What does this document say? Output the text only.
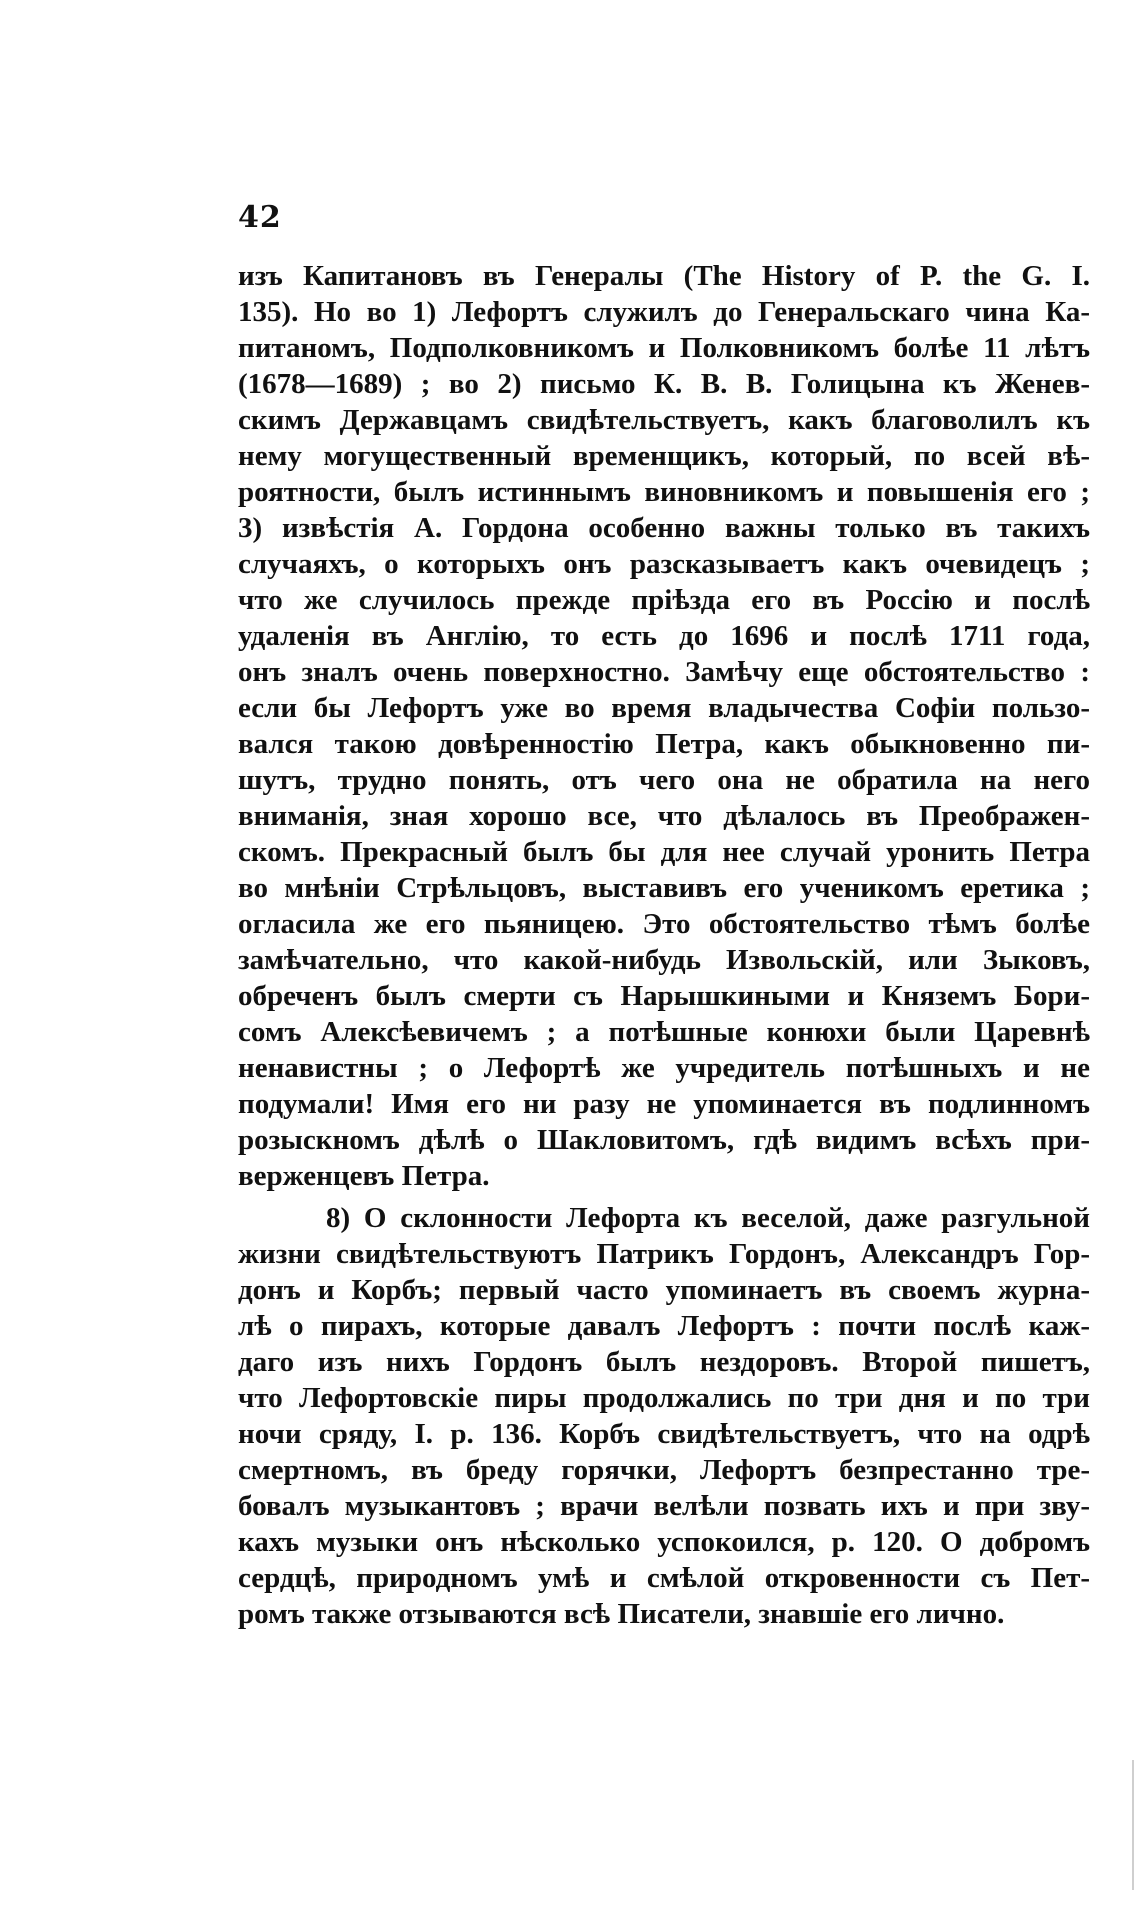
42
изъ Капитановъ въ Генералы (The History of P. the G. I.
135). Но во 1) Лефортъ служилъ до Генеральскаго чина Ка-
питаномъ, Подполковникомъ и Полковникомъ болѣе 11 лѣтъ
(1678—1689) ; во 2) письмо К. В. В. Голицына къ Женев-
скимъ Державцамъ свидѣтельствуетъ, какъ благоволилъ къ
нему могущественный временщикъ, который, по всей вѣ-
роятности, былъ истиннымъ виновникомъ и повышенія его ;
3) извѣстія А. Гордона особенно важны только въ такихъ
случаяхъ, о которыхъ онъ разсказываетъ какъ очевидецъ ;
что же случилось прежде пріѣзда его въ Россію и послѣ
удаленія въ Англію, то есть до 1696 и послѣ 1711 года,
онъ зналъ очень поверхностно. Замѣчу еще обстоятельство :
если бы Лефортъ уже во время владычества Софіи пользо-
вался такою довѣренностію Петра, какъ обыкновенно пи-
шутъ, трудно понять, отъ чего она не обратила на него
вниманія, зная хорошо все, что дѣлалось въ Преображен-
скомъ. Прекрасный былъ бы для нее случай уронить Петра
во мнѣніи Стрѣльцовъ, выставивъ его ученикомъ еретика ;
огласила же его пьяницею. Это обстоятельство тѣмъ болѣе
замѣчательно, что какой-нибудь Извольскій, или Зыковъ,
обреченъ былъ смерти съ Нарышкиными и Княземъ Бори-
сомъ Алексѣевичемъ ; а потѣшные конюхи были Царевнѣ
ненавистны ; о Лефортѣ же учредитель потѣшныхъ и не
подумали! Имя его ни разу не упоминается въ подлинномъ
розыскномъ дѣлѣ о Шакловитомъ, гдѣ видимъ всѣхъ при-
верженцевъ Петра.
8) О склонности Лефорта къ веселой, даже разгульной
жизни свидѣтельствуютъ Патрикъ Гордонъ, Александръ Гор-
донъ и Корбъ; первый часто упоминаетъ въ своемъ журна-
лѣ о пирахъ, которые давалъ Лефортъ : почти послѣ каж-
даго изъ нихъ Гордонъ былъ нездоровъ. Второй пишетъ,
что Лефортовскіе пиры продолжались по три дня и по три
ночи сряду, I. p. 136. Корбъ свидѣтельствуетъ, что на одрѣ
смертномъ, въ бреду горячки, Лефортъ безпрестанно тре-
бовалъ музыкантовъ ; врачи велѣли позвать ихъ и при зву-
кахъ музыки онъ нѣсколько успокоился, p. 120. О добромъ
сердцѣ, природномъ умѣ и смѣлой откровенности съ Пет-
ромъ также отзываются всѣ Писатели, знавшіе его лично.
